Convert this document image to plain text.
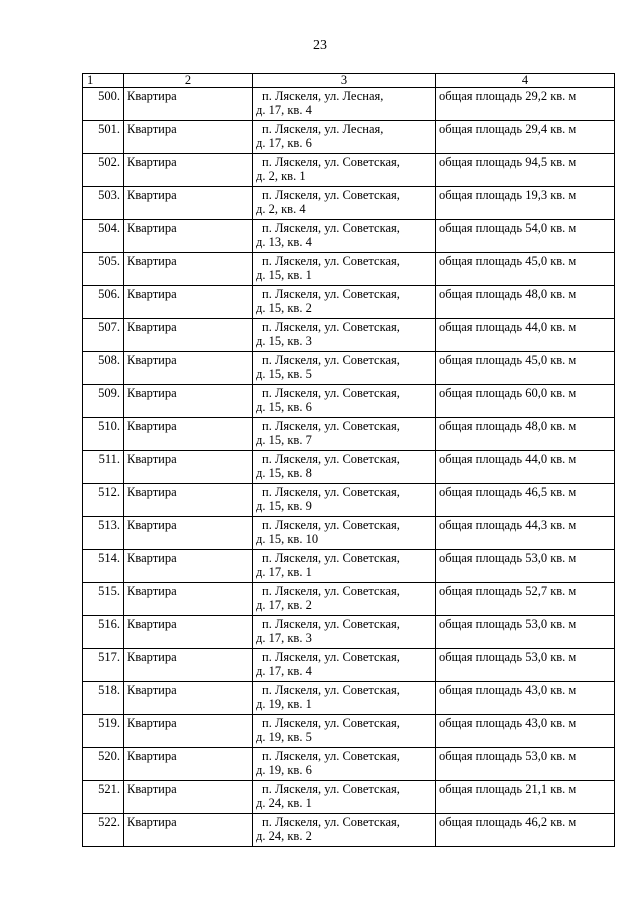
23
1	2	3	4
500.	Квартира	п. Ляскеля, ул. Лесная,
д. 17, кв. 4	общая площадь 29,2 кв. м
501.	Квартира	п. Ляскеля, ул. Лесная,
д. 17, кв. 6	общая площадь 29,4 кв. м
502.	Квартира	п. Ляскеля, ул. Советская,
д. 2, кв. 1	общая площадь 94,5 кв. м
503.	Квартира	п. Ляскеля, ул. Советская,
д. 2, кв. 4	общая площадь 19,3 кв. м
504.	Квартира	п. Ляскеля, ул. Советская,
д. 13, кв. 4	общая площадь 54,0 кв. м
505.	Квартира	п. Ляскеля, ул. Советская,
д. 15, кв. 1	общая площадь 45,0 кв. м
506.	Квартира	п. Ляскеля, ул. Советская,
д. 15, кв. 2	общая площадь 48,0 кв. м
507.	Квартира	п. Ляскеля, ул. Советская,
д. 15, кв. 3	общая площадь 44,0 кв. м
508.	Квартира	п. Ляскеля, ул. Советская,
д. 15, кв. 5	общая площадь 45,0 кв. м
509.	Квартира	п. Ляскеля, ул. Советская,
д. 15, кв. 6	общая площадь 60,0 кв. м
510.	Квартира	п. Ляскеля, ул. Советская,
д. 15, кв. 7	общая площадь 48,0 кв. м
511.	Квартира	п. Ляскеля, ул. Советская,
д. 15, кв. 8	общая площадь 44,0 кв. м
512.	Квартира	п. Ляскеля, ул. Советская,
д. 15, кв. 9	общая площадь 46,5 кв. м
513.	Квартира	п. Ляскеля, ул. Советская,
д. 15, кв. 10	общая площадь 44,3 кв. м
514.	Квартира	п. Ляскеля, ул. Советская,
д. 17, кв. 1	общая площадь 53,0 кв. м
515.	Квартира	п. Ляскеля, ул. Советская,
д. 17, кв. 2	общая площадь 52,7 кв. м
516.	Квартира	п. Ляскеля, ул. Советская,
д. 17, кв. 3	общая площадь 53,0 кв. м
517.	Квартира	п. Ляскеля, ул. Советская,
д. 17, кв. 4	общая площадь 53,0 кв. м
518.	Квартира	п. Ляскеля, ул. Советская,
д. 19, кв. 1	общая площадь 43,0 кв. м
519.	Квартира	п. Ляскеля, ул. Советская,
д. 19, кв. 5	общая площадь 43,0 кв. м
520.	Квартира	п. Ляскеля, ул. Советская,
д. 19, кв. 6	общая площадь 53,0 кв. м
521.	Квартира	п. Ляскеля, ул. Советская,
д. 24, кв. 1	общая площадь 21,1 кв. м
522.	Квартира	п. Ляскеля, ул. Советская,
д. 24, кв. 2	общая площадь 46,2 кв. м
